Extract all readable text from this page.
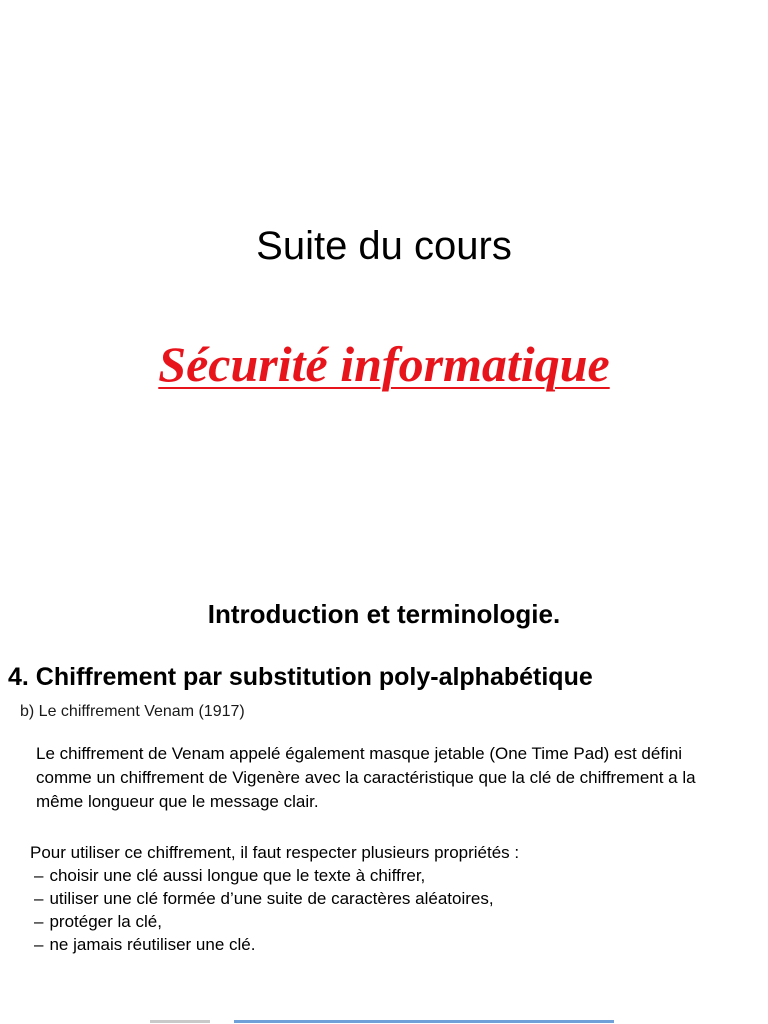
Suite du cours
Sécurité informatique
Introduction et terminologie.
4. Chiffrement par substitution poly-alphabétique

b) Le chiffrement Venam (1917)

Le chiffrement de Venam appelé également masque jetable (One Time Pad) est défini
comme un chiffrement de Vigenère avec la caractéristique que la clé de chiffrement a la
même longueur que le message clair.

Pour utiliser ce chiffrement, il faut respecter plusieurs propriétés :
– choisir une clé aussi longue que le texte à chiffrer,
– utiliser une clé formée d’une suite de caractères aléatoires,
– protéger la clé,
– ne jamais réutiliser une clé.
